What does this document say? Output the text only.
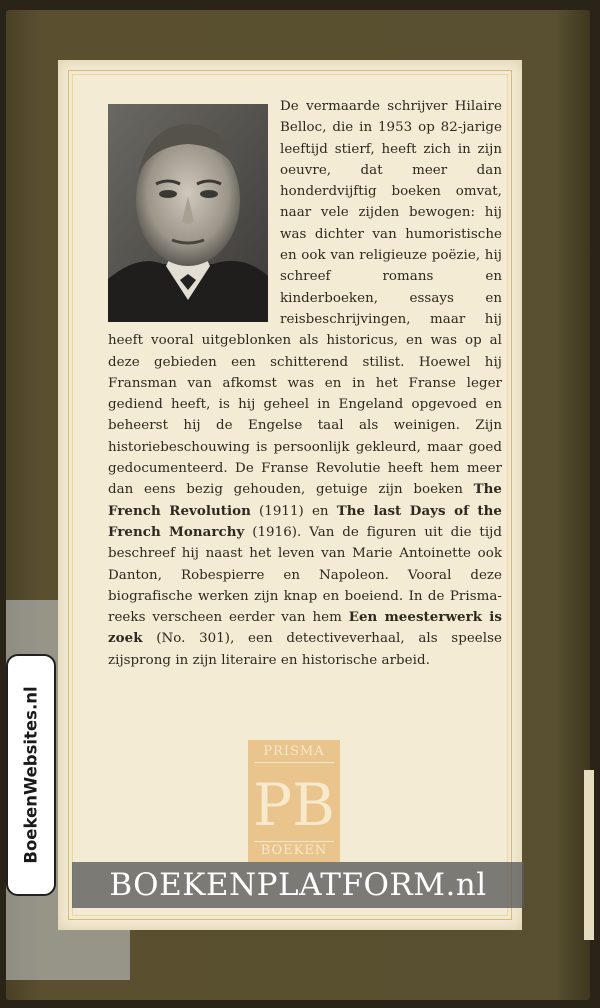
De vermaarde schrijver Hilaire Belloc, die in 1953 op 82-jarige leeftijd stierf, heeft zich in zijn oeuvre, dat meer dan honderdvijftig boeken omvat, naar vele zijden bewogen: hij was dichter van humoristische en ook van religieuze poëzie, hij schreef romans en kinderboeken, essays en reisbeschrijvingen, maar hij heeft vooral uitgeblonken als historicus, en was op al deze gebieden een schitterend stilist. Hoewel hij Fransman van afkomst was en in het Franse leger gediend heeft, is hij geheel in Engeland opgevoed en beheerst hij de Engelse taal als weinigen. Zijn historiebeschouwing is persoonlijk gekleurd, maar goed gedocumenteerd. De Franse Revolutie heeft hem meer dan eens bezig gehouden, getuige zijn boeken The French Revolution (1911) en The last Days of the French Monarchy (1916). Van de figuren uit die tijd beschreef hij naast het leven van Marie Antoinette ook Danton, Robespierre en Napoleon. Vooral deze biografische werken zijn knap en boeiend. In de Prisma-reeks verscheen eerder van hem Een meesterwerk is zoek (No. 301), een detectiveverhaal, als speelse zijsprong in zijn literaire en historische arbeid.
PRISMA
PB
BOEKEN
BOEKENPLATFORM.nl
BoekenWebsites.nl
